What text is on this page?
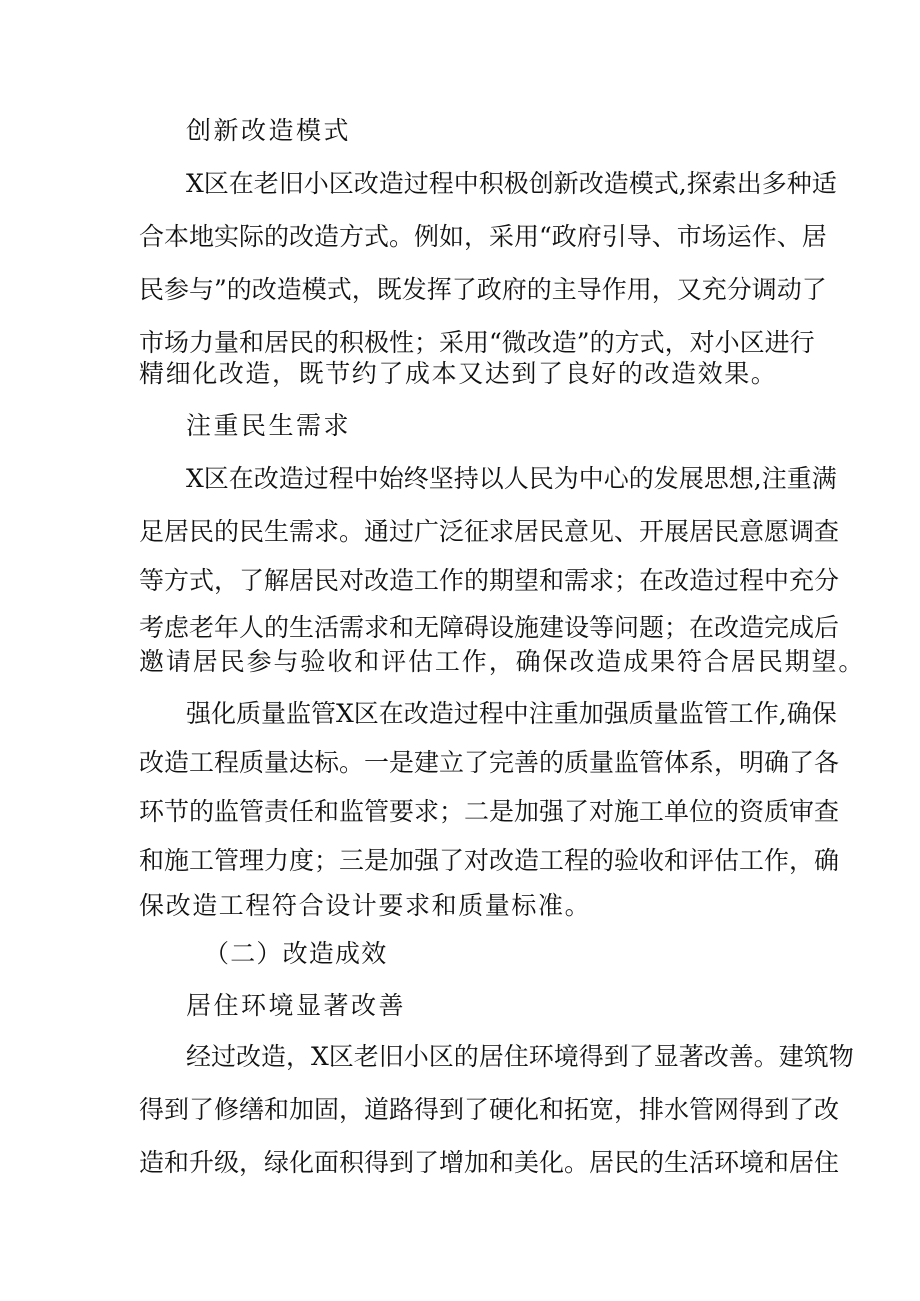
创新改造模式
X区在老旧小区改造过程中积极创新改造模式,探索出多种适
合本地实际的改造方式。例如，采用“政府引导、市场运作、居
民参与”的改造模式，既发挥了政府的主导作用，又充分调动了
市场力量和居民的积极性；采用“微改造”的方式，对小区进行
精细化改造，既节约了成本又达到了良好的改造效果。
注重民生需求
X区在改造过程中始终坚持以人民为中心的发展思想,注重满
足居民的民生需求。通过广泛征求居民意见、开展居民意愿调查
等方式，了解居民对改造工作的期望和需求；在改造过程中充分
考虑老年人的生活需求和无障碍设施建设等问题；在改造完成后
邀请居民参与验收和评估工作，确保改造成果符合居民期望。
强化质量监管X区在改造过程中注重加强质量监管工作,确保
改造工程质量达标。一是建立了完善的质量监管体系，明确了各
环节的监管责任和监管要求；二是加强了对施工单位的资质审查
和施工管理力度；三是加强了对改造工程的验收和评估工作，确
保改造工程符合设计要求和质量标准。
（二）改造成效
居住环境显著改善
经过改造，X区老旧小区的居住环境得到了显著改善。建筑物
得到了修缮和加固，道路得到了硬化和拓宽，排水管网得到了改
造和升级，绿化面积得到了增加和美化。居民的生活环境和居住
